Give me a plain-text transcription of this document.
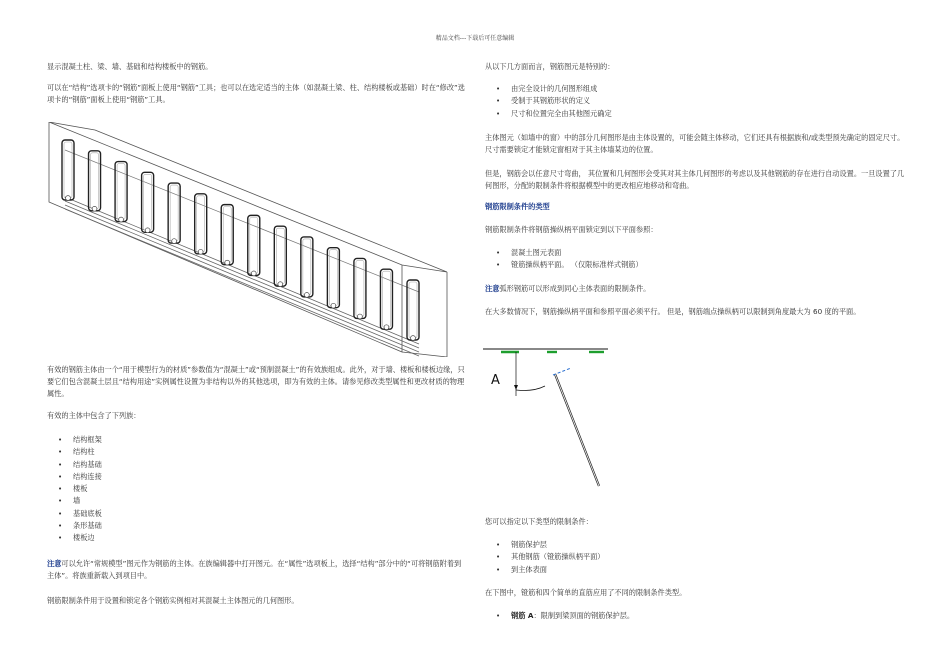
精品文档---下载后可任意编辑

显示混凝土柱、梁、墙、基础和结构楼板中的钢筋。

可以在“结构”选项卡的“钢筋”面板上使用“钢筋”工具；也可以在选定适当的主体（如混凝土梁、柱、结构楼板或基础）时在“修改”选项卡的“钢筋”面板上使用“钢筋”工具。

有效的钢筋主体由一个“用于模型行为的材质”参数值为“混凝土”或“预制混凝土”的有效族组成。此外，对于墙、楼板和楼板边缘，只要它们包含混凝土层且“结构用途”实例属性设置为非结构以外的其他选项，即为有效的主体。请参见修改类型属性和更改材质的物理属性。

有效的主体中包含了下列族：

• 结构框架
• 结构柱
• 结构基础
• 结构连接
• 楼板
• 墙
• 基础底板
• 条形基础
• 楼板边

注意可以允许“常规模型”图元作为钢筋的主体。在族编辑器中打开图元。在“属性”选项板上，选择“结构”部分中的“可将钢筋附着到主体”。将族重新载入到项目中。

钢筋限制条件用于设置和锁定各个钢筋实例相对其混凝土主体图元的几何图形。

从以下几方面而言，钢筋图元是特别的：

• 由完全设计的几何图形组成
• 受制于其钢筋形状的定义
• 尺寸和位置完全由其他图元确定

主体图元（如墙中的窗）中的部分几何图形是由主体设置的，可能会随主体移动，它们还具有根据族和/或类型预先确定的固定尺寸。 尺寸需要锁定才能锁定窗相对于其主体墙某边的位置。

但是，钢筋会以任意尺寸弯曲， 其位置和几何图形会受其对其主体几何图形的考虑以及其他钢筋的存在进行自动设置。一旦设置了几何图形，分配的限制条件将根据模型中的更改相应地移动和弯曲。

钢筋限制条件的类型

钢筋限制条件将钢筋操纵柄平面锁定到以下平面参照：

• 混凝土图元表面
• 镫筋操纵柄平面。 （仅限标准样式钢筋）

注意弧形钢筋可以形成到同心主体表面的限制条件。

在大多数情况下，钢筋操纵柄平面和参照平面必须平行。 但是，钢筋端点操纵柄可以限制到角度最大为 60 度的平面。

A

您可以指定以下类型的限制条件：

• 钢筋保护层
• 其他钢筋（镫筋操纵柄平面）
• 到主体表面

在下图中，镫筋和四个简单的直筋应用了不同的限制条件类型。

• 钢筋 A：限制到梁顶面的钢筋保护层。
